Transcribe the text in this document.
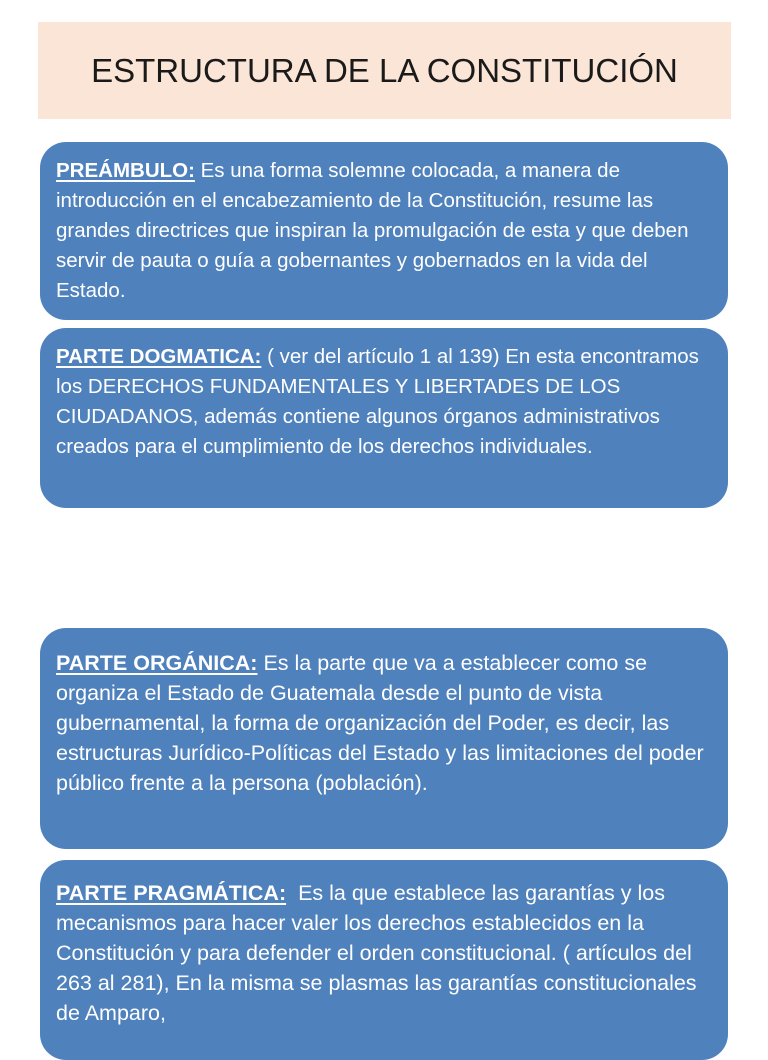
ESTRUCTURA DE LA CONSTITUCIÓN

PREÁMBULO: Es una forma solemne colocada, a manera de introducción en el encabezamiento de la Constitución, resume las grandes directrices que inspiran la promulgación de esta y que deben servir de pauta o guía a gobernantes y gobernados en la vida del Estado.

PARTE DOGMATICA: ( ver del artículo 1 al 139) En esta encontramos los DERECHOS FUNDAMENTALES Y LIBERTADES DE LOS CIUDADANOS, además contiene algunos órganos administrativos creados para el cumplimiento de los derechos individuales.

PARTE ORGÁNICA: Es la parte que va a establecer como se organiza el Estado de Guatemala desde el punto de vista gubernamental, la forma de organización del Poder, es decir, las estructuras Jurídico-Políticas del Estado y las limitaciones del poder público frente a la persona (población).

PARTE PRAGMÁTICA:  Es la que establece las garantías y los mecanismos para hacer valer los derechos establecidos en la Constitución y para defender el orden constitucional. ( artículos del 263 al 281), En la misma se plasmas las garantías constitucionales de Amparo,
